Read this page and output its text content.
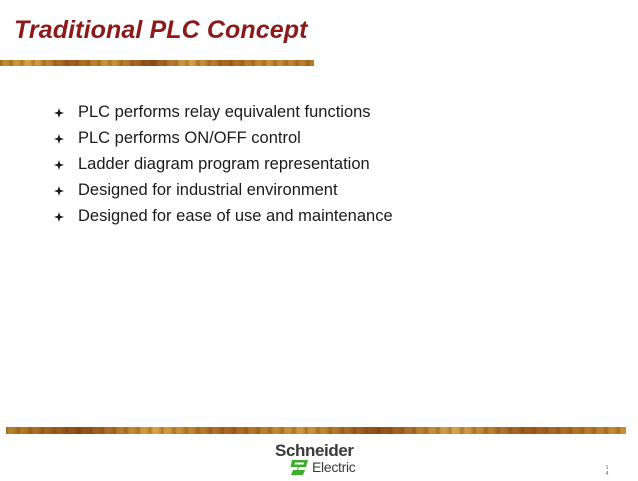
Traditional PLC Concept
PLC performs relay equivalent functions
PLC performs ON/OFF control
Ladder diagram program representation
Designed for industrial environment
Designed for ease of use and maintenance
Schneider
Electric	1
4
